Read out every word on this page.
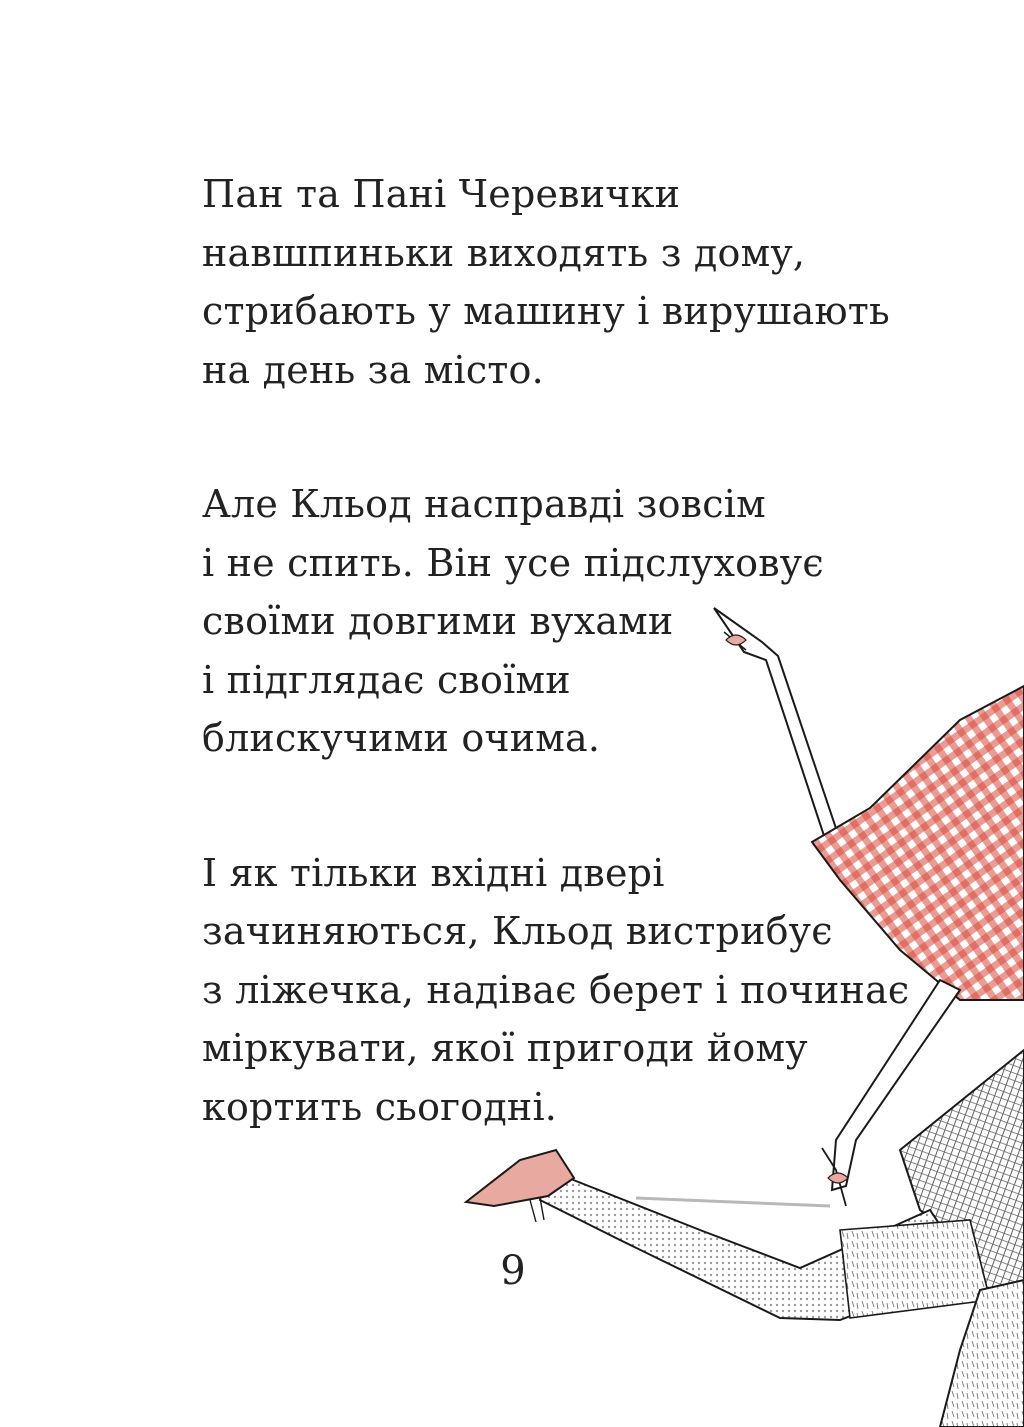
Пан та Пані Черевички
навшпиньки виходять з дому,
стрибають у машину і вирушають
на день за місто.

Але Кльод насправді зовсім
і не спить. Він усе підслуховує
своїми довгими вухами
і підглядає своїми
блискучими очима.

І як тільки вхідні двері
зачиняються, Кльод вистрибує
з ліжечка, надіває берет і починає
міркувати, якої пригоди йому
кортить сьогодні.

9
